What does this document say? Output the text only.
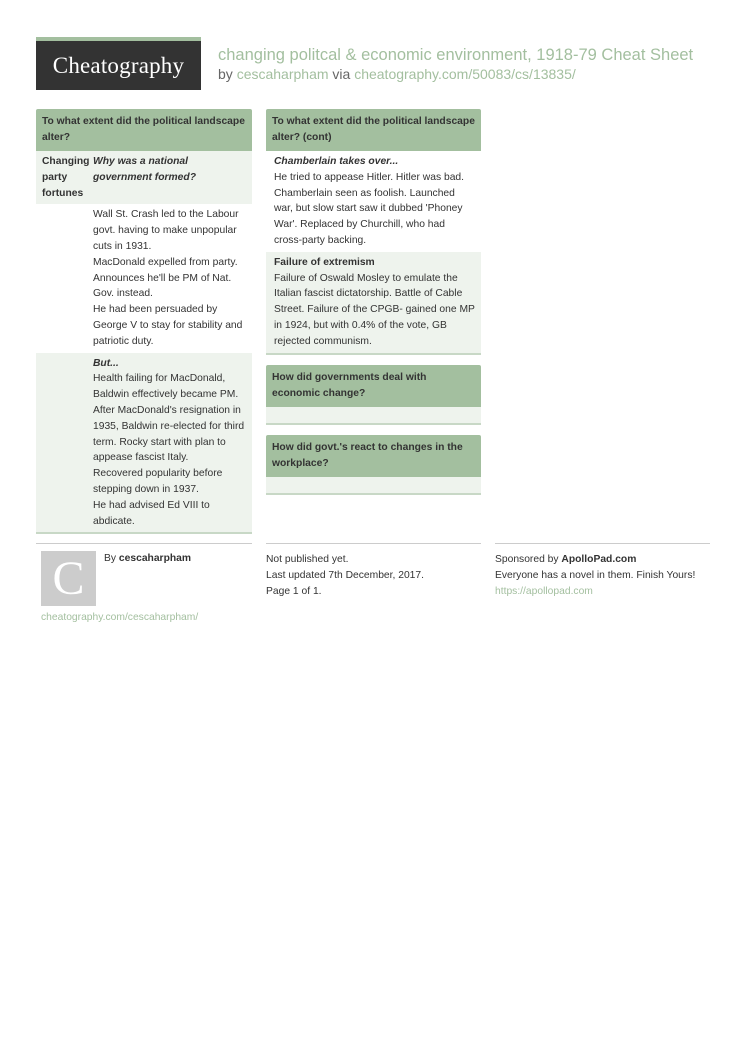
Cheatography	changing politcal & economic environment, 1918-79 Cheat Sheet
by cescaharpham via cheatography.com/50083/cs/13835/
To what extent did the political landscape alter?
Changing party fortunes
Why was a national government formed?
Wall St. Crash led to the Labour govt. having to make unpopular cuts in 1931.
MacDonald expelled from party. Announces he'll be PM of Nat. Gov. instead.
He had been persuaded by George V to stay for stability and patriotic duty.
But...
Health failing for MacDonald, Baldwin effectively became PM.
After MacDonald's resignation in 1935, Baldwin re-elected for third term. Rocky start with plan to appease fascist Italy.
Recovered popularity before stepping down in 1937.
He had advised Ed VIII to abdicate.
To what extent did the political landscape alter? (cont)
Chamberlain takes over...
He tried to appease Hitler. Hitler was bad. Chamberlain seen as foolish. Launched war, but slow start saw it dubbed 'Phoney War'. Replaced by Churchill, who had cross-party backing.
Failure of extremism
Failure of Oswald Mosley to emulate the Italian fascist dictatorship. Battle of Cable Street. Failure of the CPGB- gained one MP in 1924, but with 0.4% of the vote, GB rejected communism.
How did governments deal with economic change?
How did govt.'s react to changes in the workplace?
C	By cescaharpham
cheatography.com/cescaharpham/
Not published yet.
Last updated 7th December, 2017.
Page 1 of 1.
Sponsored by ApolloPad.com
Everyone has a novel in them. Finish Yours!
https://apollopad.com
